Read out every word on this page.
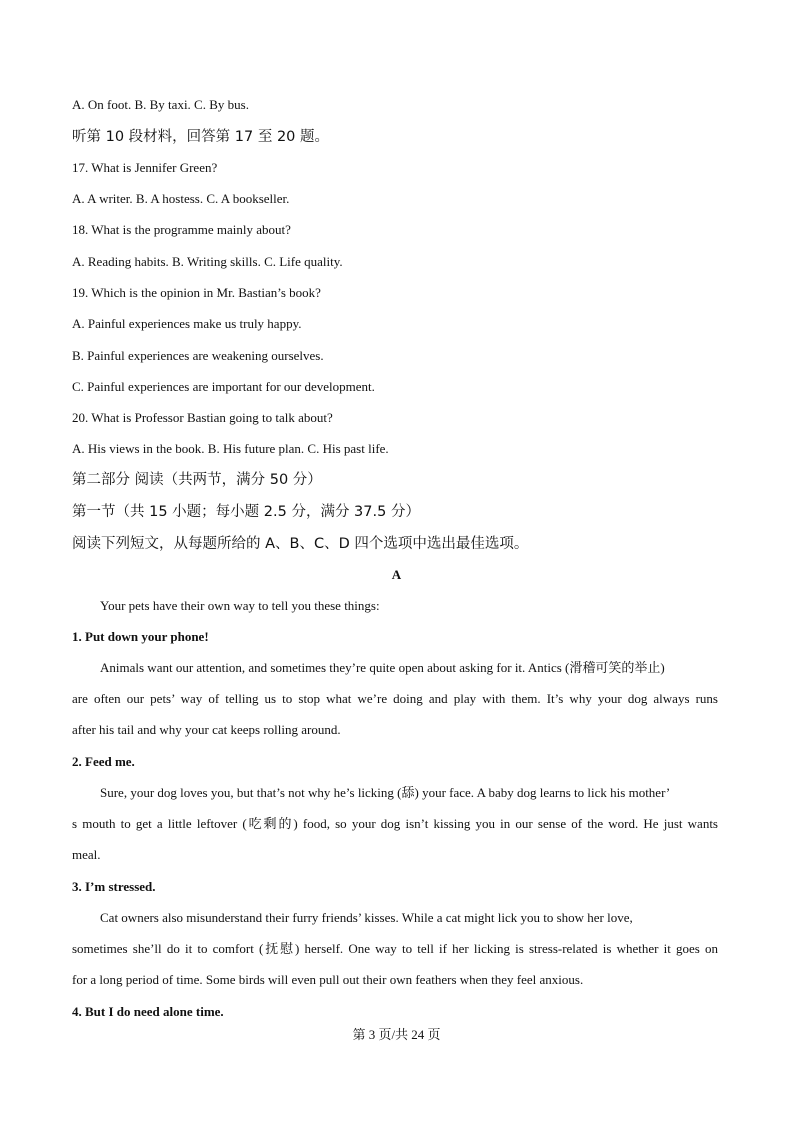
A. On foot. B. By taxi. C. By bus.
听第 10 段材料，回答第 17 至 20 题。
17. What is Jennifer Green?
A. A writer. B. A hostess. C. A bookseller.
18. What is the programme mainly about?
A. Reading habits. B. Writing skills. C. Life quality.
19. Which is the opinion in Mr. Bastian’s book?
A. Painful experiences make us truly happy.
B. Painful experiences are weakening ourselves.
C. Painful experiences are important for our development.
20. What is Professor Bastian going to talk about?
A. His views in the book. B. His future plan. C. His past life.
第二部分 阅读（共两节，满分 50 分）
第一节（共 15 小题；每小题 2.5 分，满分 37.5 分）
阅读下列短文，从每题所给的 A、B、C、D 四个选项中选出最佳选项。
A
Your pets have their own way to tell you these things:
1. Put down your phone!
Animals want our attention, and sometimes they’re quite open about asking for it. Antics (滑稽可笑的举止)
are often our pets’ way of telling us to stop what we’re doing and play with them. It’s why your dog always runs
after his tail and why your cat keeps rolling around.
2. Feed me.
Sure, your dog loves you, but that’s not why he’s licking (舔) your face. A baby dog learns to lick his mother’
s mouth to get a little leftover (吃剩的) food, so your dog isn’t kissing you in our sense of the word. He just wants
meal.
3. I’m stressed.
Cat owners also misunderstand their furry friends’ kisses. While a cat might lick you to show her love,
sometimes she’ll do it to comfort (抚慰) herself. One way to tell if her licking is stress-related is whether it goes on
for a long period of time. Some birds will even pull out their own feathers when they feel anxious.
4. But I do need alone time.
第 3 页/共 24 页
